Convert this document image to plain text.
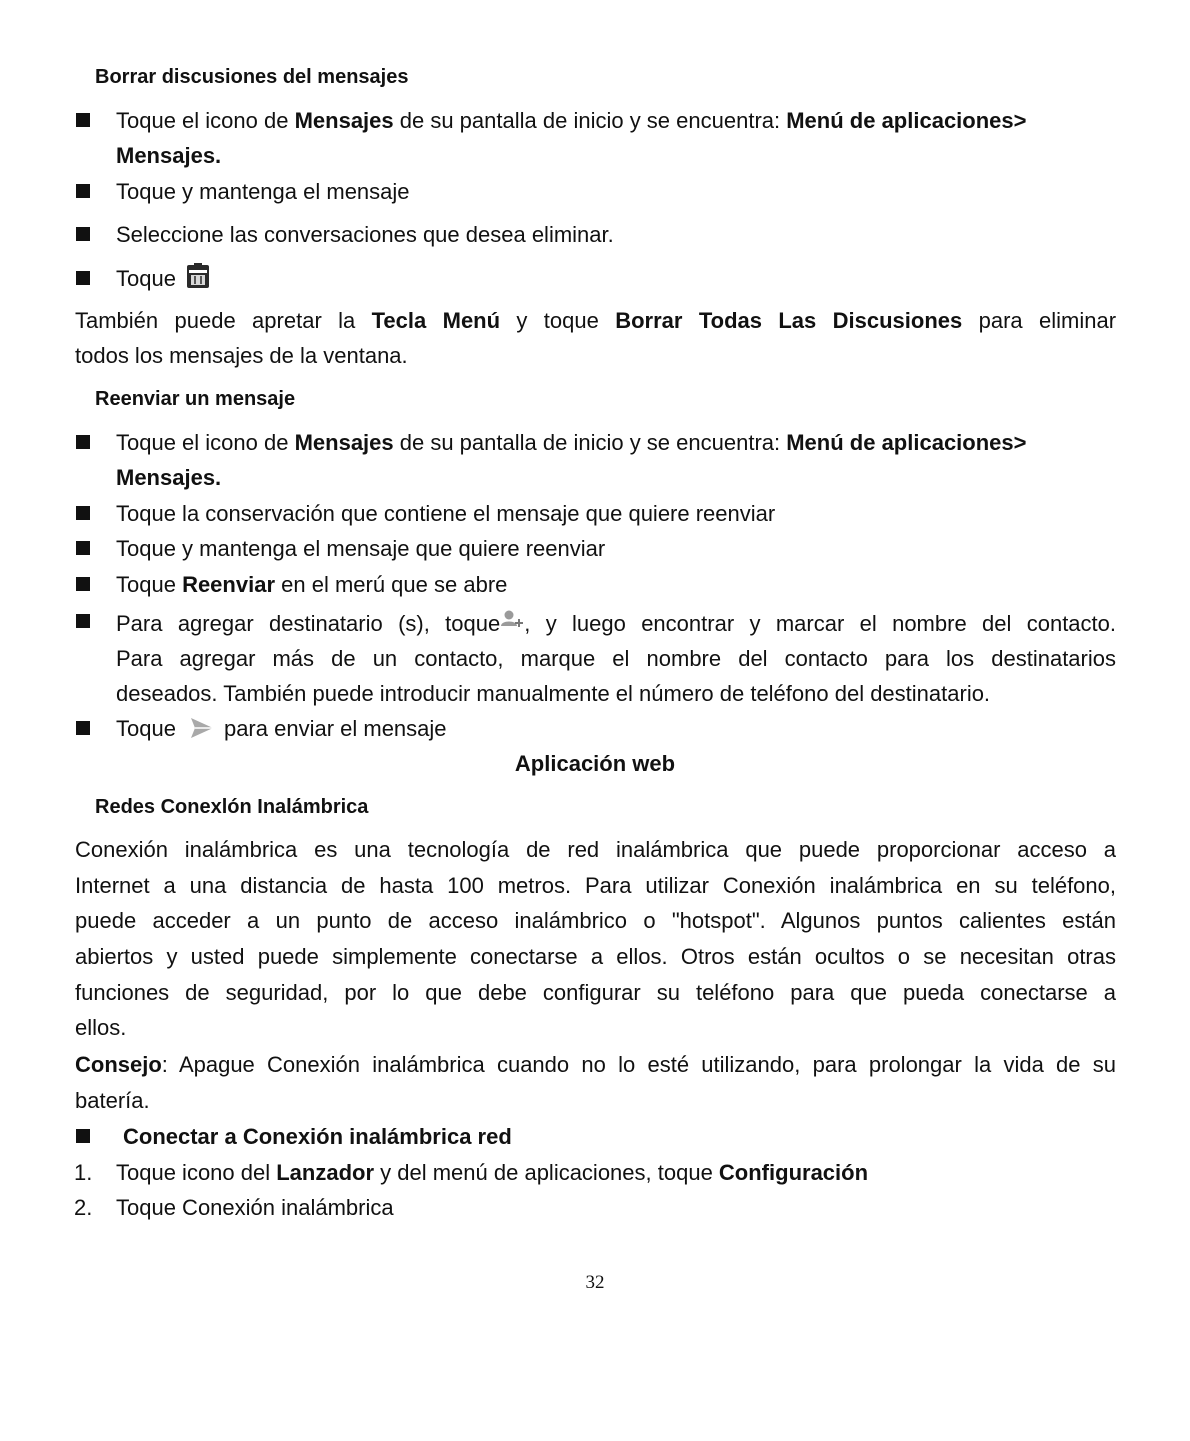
Borrar discusiones del mensajes
Toque el icono de Mensajes de su pantalla de inicio y se encuentra: Menú de aplicaciones>
Mensajes.
Toque y mantenga el mensaje
Seleccione las conversaciones que desea eliminar.
Toque
También puede apretar la Tecla Menú y toque Borrar Todas Las Discusiones para eliminar
todos los mensajes de la ventana.
Reenviar un mensaje
Toque el icono de Mensajes de su pantalla de inicio y se encuentra: Menú de aplicaciones>
Mensajes.
Toque la conservación que contiene el mensaje que quiere reenviar
Toque y mantenga el mensaje que quiere reenviar
Toque Reenviar en el merú que se abre
Para agregar destinatario (s), toque , y luego encontrar y marcar el nombre del contacto.
Para agregar más de un contacto, marque el nombre del contacto para los destinatarios
deseados. También puede introducir manualmente el número de teléfono del destinatario.
Toque para enviar el mensaje
Aplicación web
Redes Conexlón Inalámbrica
Conexión inalámbrica es una tecnología de red inalámbrica que puede proporcionar acceso a
Internet a una distancia de hasta 100 metros. Para utilizar Conexión inalámbrica en su teléfono,
puede acceder a un punto de acceso inalámbrico o "hotspot". Algunos puntos calientes están
abiertos y usted puede simplemente conectarse a ellos. Otros están ocultos o se necesitan otras
funciones de seguridad, por lo que debe configurar su teléfono para que pueda conectarse a
ellos.
Consejo: Apague Conexión inalámbrica cuando no lo esté utilizando, para prolongar la vida de su
batería.
Conectar a Conexión inalámbrica red
1. Toque icono del Lanzador y del menú de aplicaciones, toque Configuración
2. Toque Conexión inalámbrica
32
